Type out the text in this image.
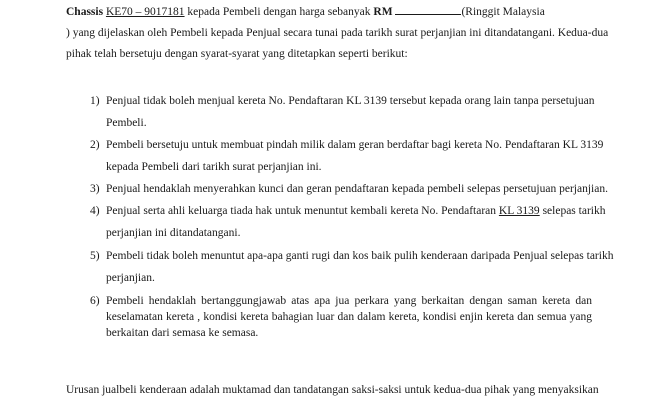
Chassis KE70 – 9017181 kepada Pembeli dengan harga sebanyak RM	(Ringgit Malaysia
) yang dijelaskan oleh Pembeli kepada Penjual secara tunai pada tarikh surat perjanjian ini ditandatangani. Kedua-dua
pihak telah bersetuju dengan syarat-syarat yang ditetapkan seperti berikut:
1) Penjual tidak boleh menjual kereta No. Pendaftaran KL 3139 tersebut kepada orang lain tanpa persetujuan
Pembeli.
2) Pembeli bersetuju untuk membuat pindah milik dalam geran berdaftar bagi kereta No. Pendaftaran KL 3139
kepada Pembeli dari tarikh surat perjanjian ini.
3) Penjual hendaklah menyerahkan kunci dan geran pendaftaran kepada pembeli selepas persetujuan perjanjian.
4) Penjual serta ahli keluarga tiada hak untuk menuntut kembali kereta No. Pendaftaran KL 3139 selepas tarikh
perjanjian ini ditandatangani.
5) Pembeli tidak boleh menuntut apa-apa ganti rugi dan kos baik pulih kenderaan daripada Penjual selepas tarikh
perjanjian.
6) Pembeli hendaklah bertanggungjawab atas apa jua perkara yang berkaitan dengan saman kereta dan keselamatan kereta , kondisi kereta bahagian luar dan dalam kereta, kondisi enjin kereta dan semua yang berkaitan dari semasa ke semasa.
Urusan jualbeli kenderaan adalah muktamad dan tandatangan saksi-saksi untuk kedua-dua pihak yang menyaksikan
